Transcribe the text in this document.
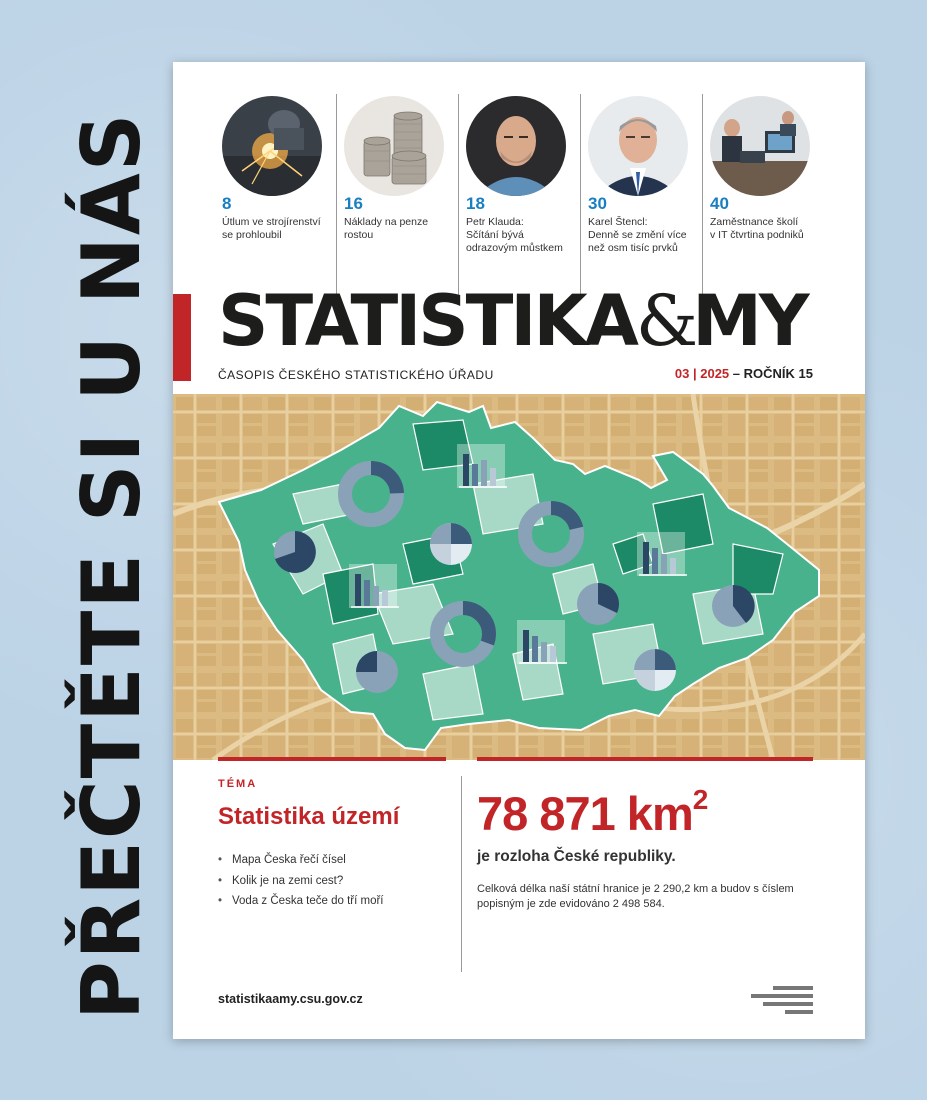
PŘEČTĚTE SI U NÁS	8
Útlum ve strojírenství
se prohloubil
16
Náklady na penze
rostou
18
Petr Klauda:
Sčítání bývá
odrazovým můstkem
30
Karel Štencl:
Denně se změní více
než osm tisíc prvků
40
Zaměstnance školí
v IT čtvrtina podniků
STATISTIKA&MY
ČASOPIS ČESKÉHO STATISTICKÉHO ÚŘADU	03 | 2025 – ROČNÍK 15
TÉMA
Statistika území
• Mapa Česka řečí čísel
• Kolik je na zemi cest?
• Voda z Česka teče do tří moří
78 871 $km^2$
je rozloha České republiky.
Celková délka naší státní hranice je 2 290,2 km a budov s číslem popisným je zde evidováno 2 498 584.
statistikaamy.csu.gov.cz
